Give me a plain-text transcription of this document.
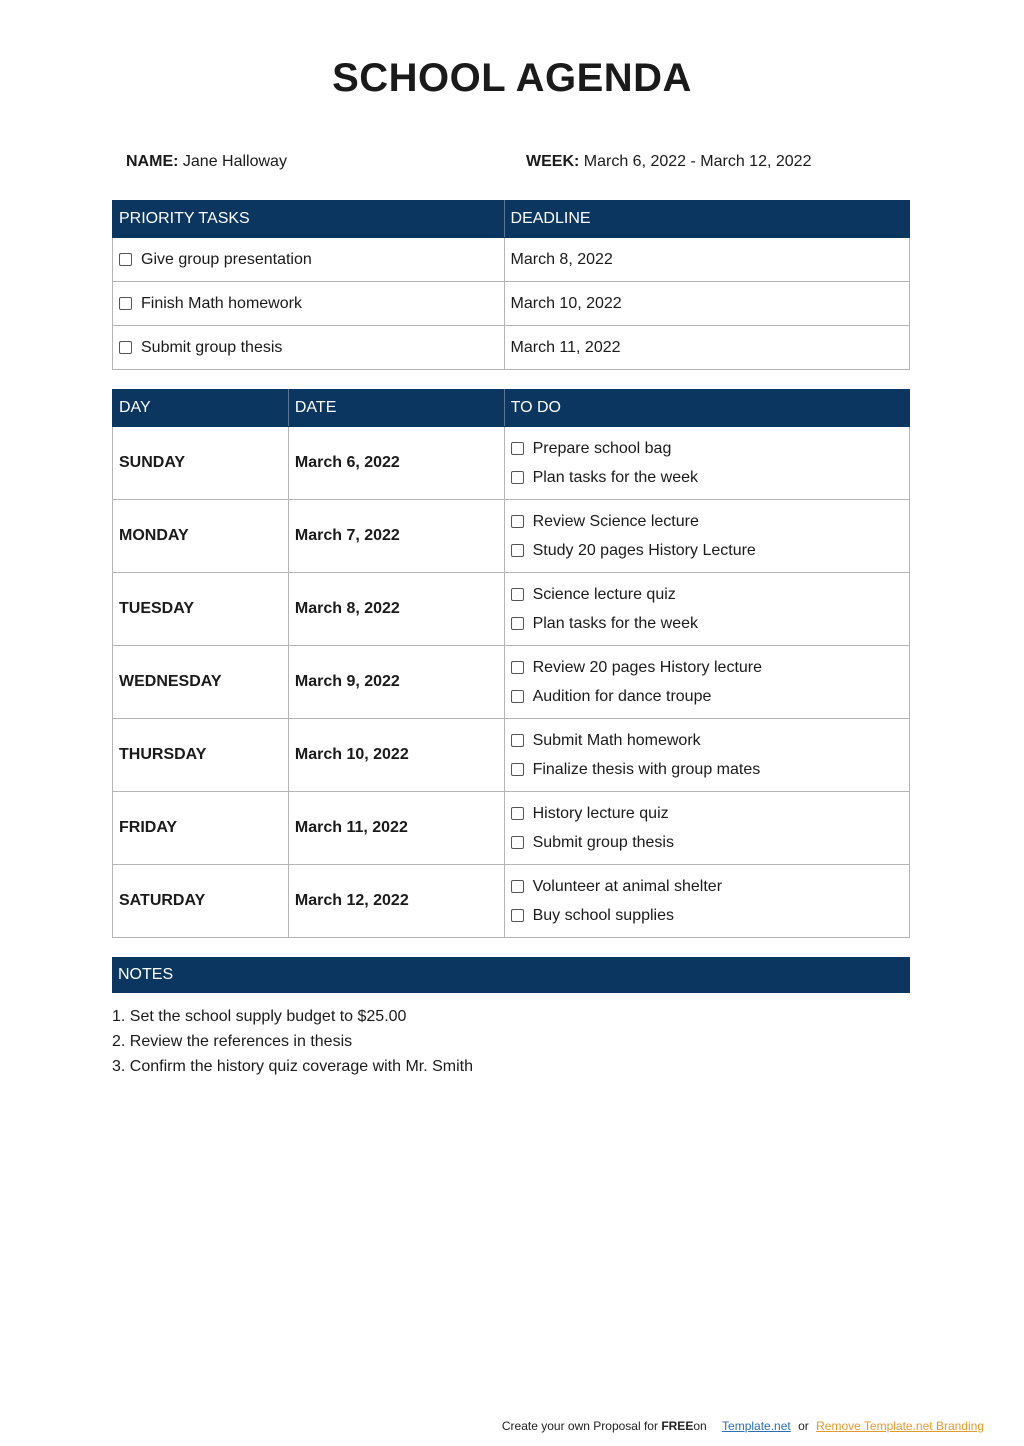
SCHOOL AGENDA
NAME: Jane Halloway	WEEK: March 6, 2022 - March 12, 2022
PRIORITY TASKS	DEADLINE
Give group presentation	March 8, 2022
Finish Math homework	March 10, 2022
Submit group thesis	March 11, 2022
DAY	DATE	TO DO
SUNDAY	March 6, 2022	Prepare school bag
Plan tasks for the week

MONDAY	March 7, 2022	Review Science lecture
Study 20 pages History Lecture

TUESDAY	March 8, 2022	Science lecture quiz
Plan tasks for the week

WEDNESDAY	March 9, 2022	Review 20 pages History lecture
Audition for dance troupe

THURSDAY	March 10, 2022	Submit Math homework
Finalize thesis with group mates

FRIDAY	March 11, 2022	History lecture quiz
Submit group thesis

SATURDAY	March 12, 2022	Volunteer at animal shelter
Buy school supplies
NOTES
1. Set the school supply budget to $25.00
2. Review the references in thesis
3. Confirm the history quiz coverage with Mr. Smith
Create your own Proposal for FREEon Template.net or Remove Template.net Branding
